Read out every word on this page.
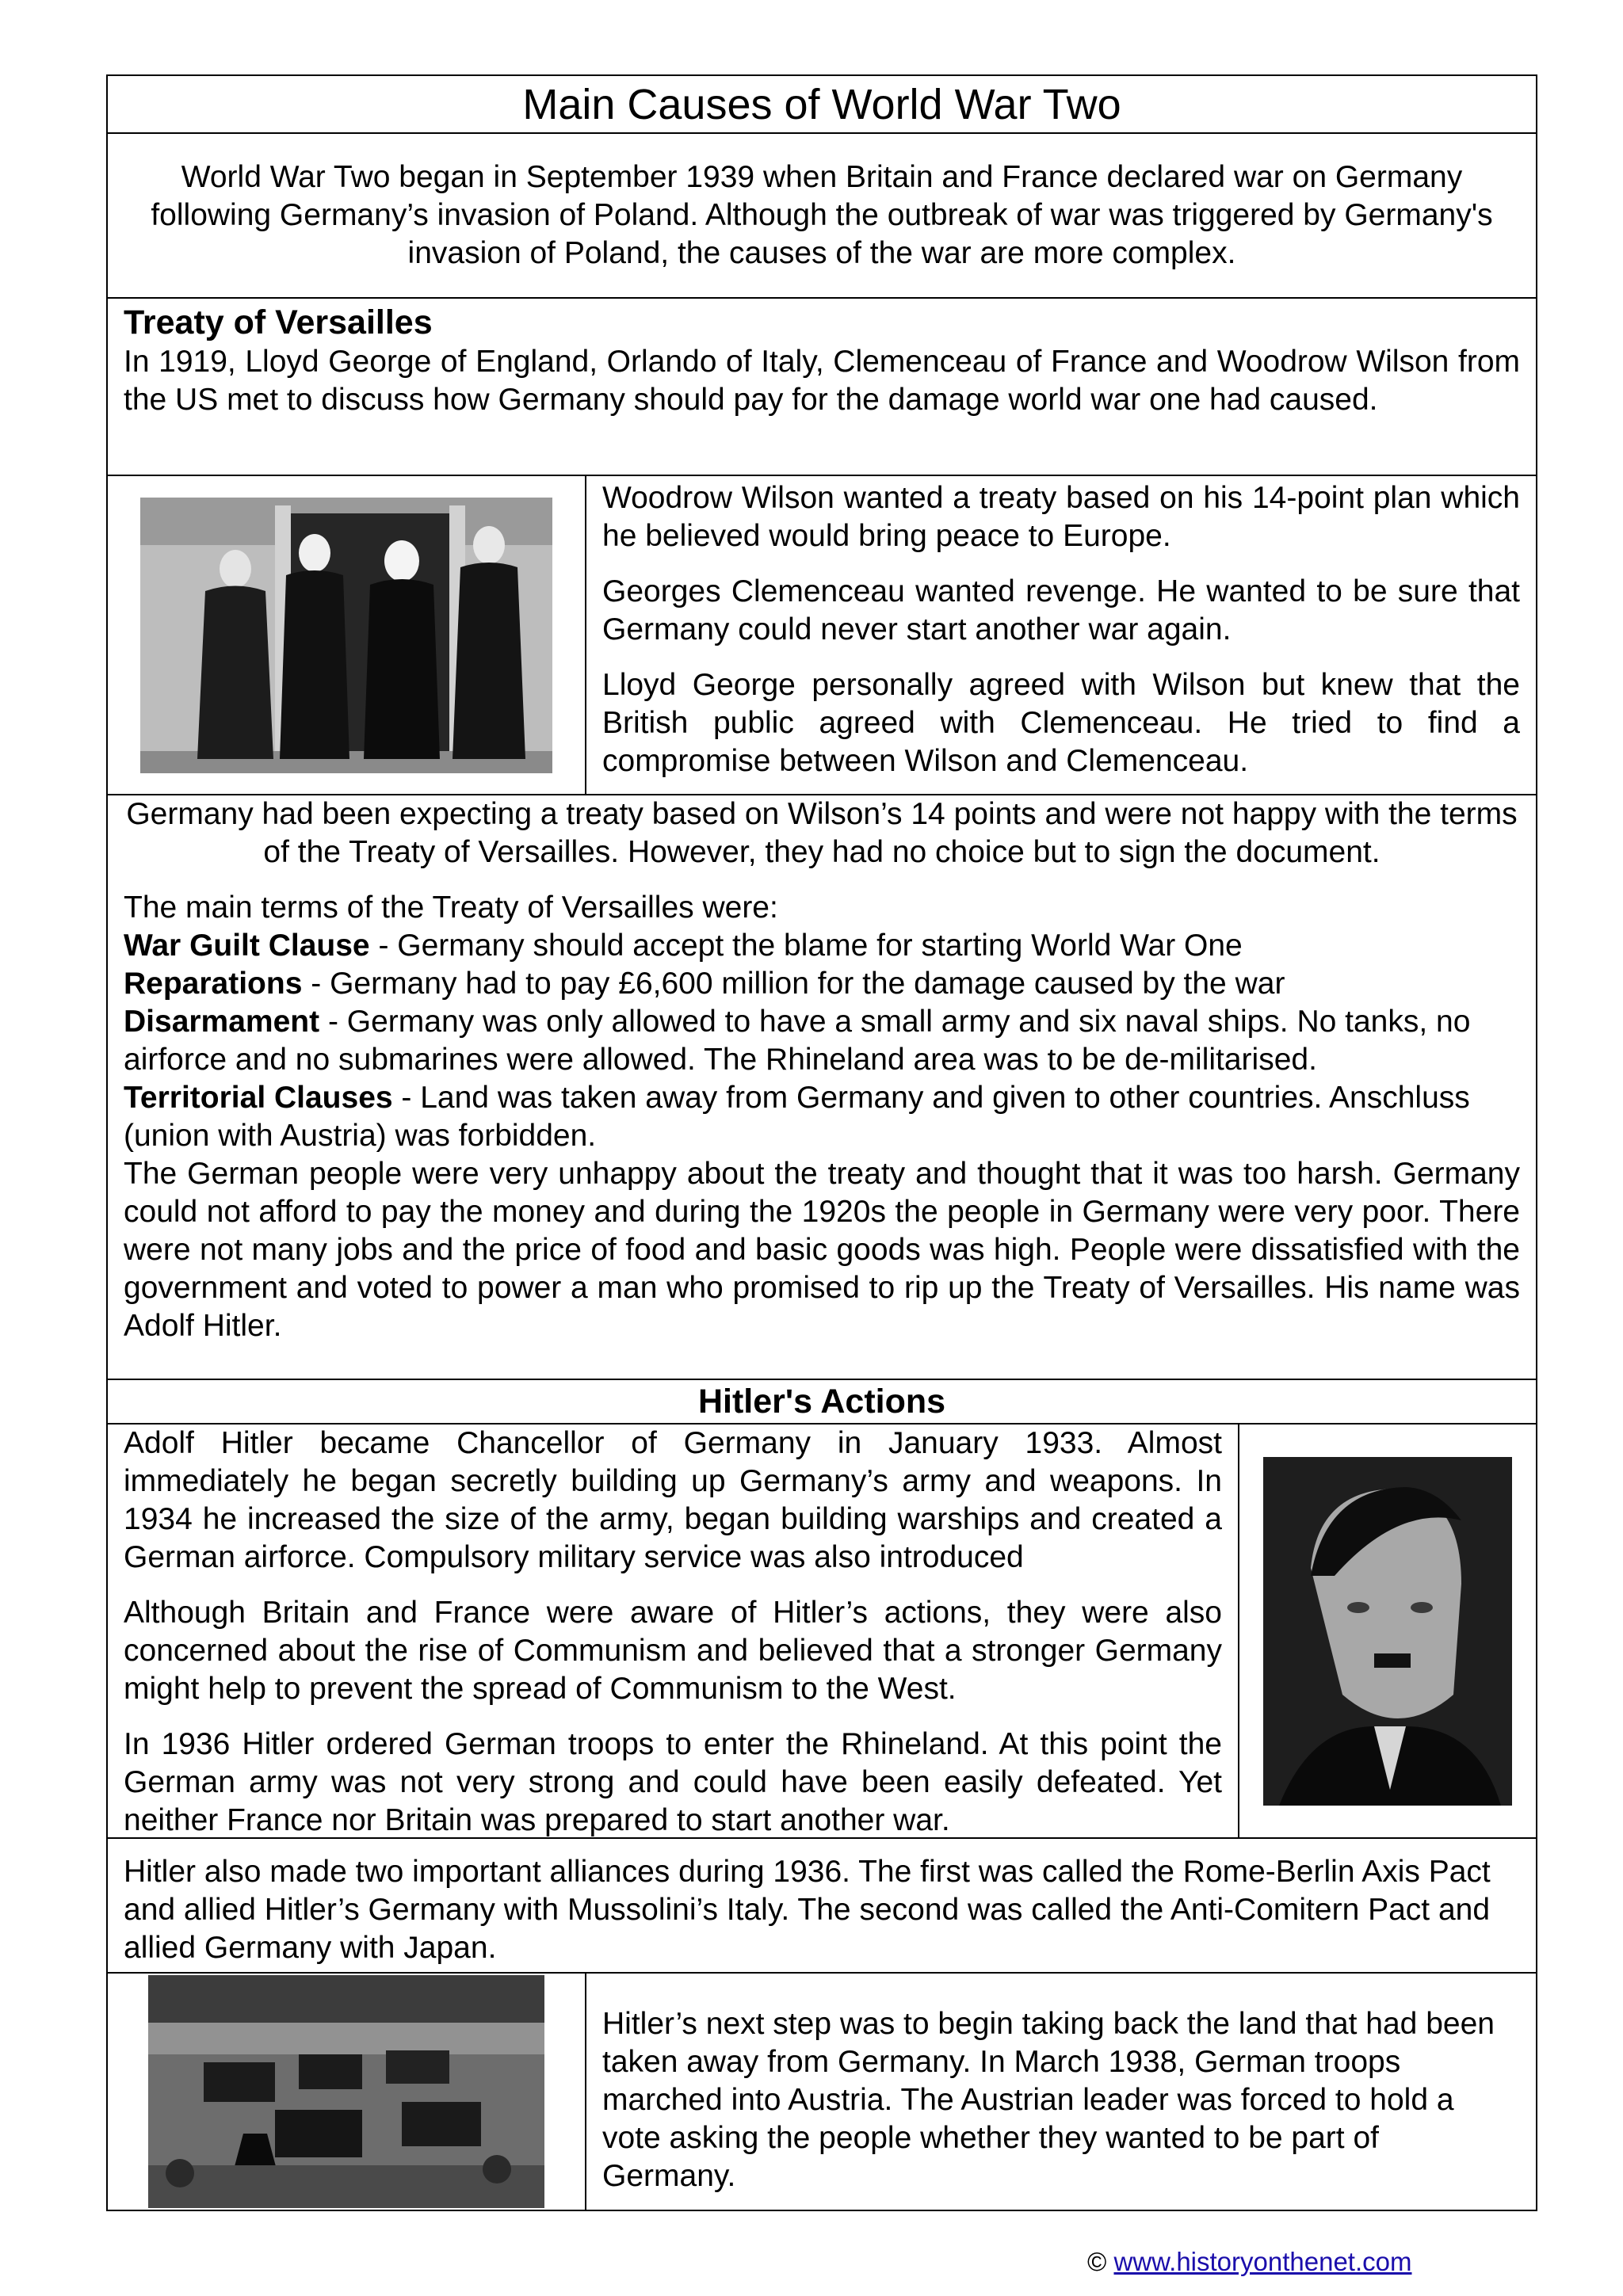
Main Causes of World War Two

World War Two began in September 1939 when Britain and France declared war on Germany following Germany’s invasion of Poland. Although the outbreak of war was triggered by Germany's invasion of Poland, the causes of the war are more complex.

Treaty of Versailles

In 1919, Lloyd George of England, Orlando of Italy, Clemenceau of France and Woodrow Wilson from the US met to discuss how Germany should pay for the damage world war one had caused.

Woodrow Wilson wanted a treaty based on his 14-point plan which he believed would bring peace to Europe.

Georges Clemenceau wanted revenge. He wanted to be sure that Germany could never start another war again.

Lloyd George personally agreed with Wilson but knew that the British public agreed with Clemenceau. He tried to find a compromise between Wilson and Clemenceau.

Germany had been expecting a treaty based on Wilson’s 14 points and were not happy with the terms of the Treaty of Versailles. However, they had no choice but to sign the document.

The main terms of the Treaty of Versailles were:
War Guilt Clause - Germany should accept the blame for starting World War One
Reparations - Germany had to pay £6,600 million for the damage caused by the war
Disarmament - Germany was only allowed to have a small army and six naval ships. No tanks, no airforce and no submarines were allowed. The Rhineland area was to be de-militarised.
Territorial Clauses - Land was taken away from Germany and given to other countries. Anschluss (union with Austria) was forbidden.

The German people were very unhappy about the treaty and thought that it was too harsh. Germany could not afford to pay the money and during the 1920s the people in Germany were very poor. There were not many jobs and the price of food and basic goods was high. People were dissatisfied with the government and voted to power a man who promised to rip up the Treaty of Versailles. His name was Adolf Hitler.

Hitler's Actions

Adolf Hitler became Chancellor of Germany in January 1933. Almost immediately he began secretly building up Germany’s army and weapons. In 1934 he increased the size of the army, began building warships and created a German airforce. Compulsory military service was also introduced

Although Britain and France were aware of Hitler’s actions, they were also concerned about the rise of Communism and believed that a stronger Germany might help to prevent the spread of Communism to the West.

In 1936 Hitler ordered German troops to enter the Rhineland. At this point the German army was not very strong and could have been easily defeated. Yet neither France nor Britain was prepared to start another war.

Hitler also made two important alliances during 1936. The first was called the Rome-Berlin Axis Pact and allied Hitler’s Germany with Mussolini’s Italy. The second was called the Anti-Comitern Pact and allied Germany with Japan.

Hitler’s next step was to begin taking back the land that had been taken away from Germany. In March 1938, German troops marched into Austria. The Austrian leader was forced to hold a vote asking the people whether they wanted to be part of Germany.

© www.historyonthenet.com
